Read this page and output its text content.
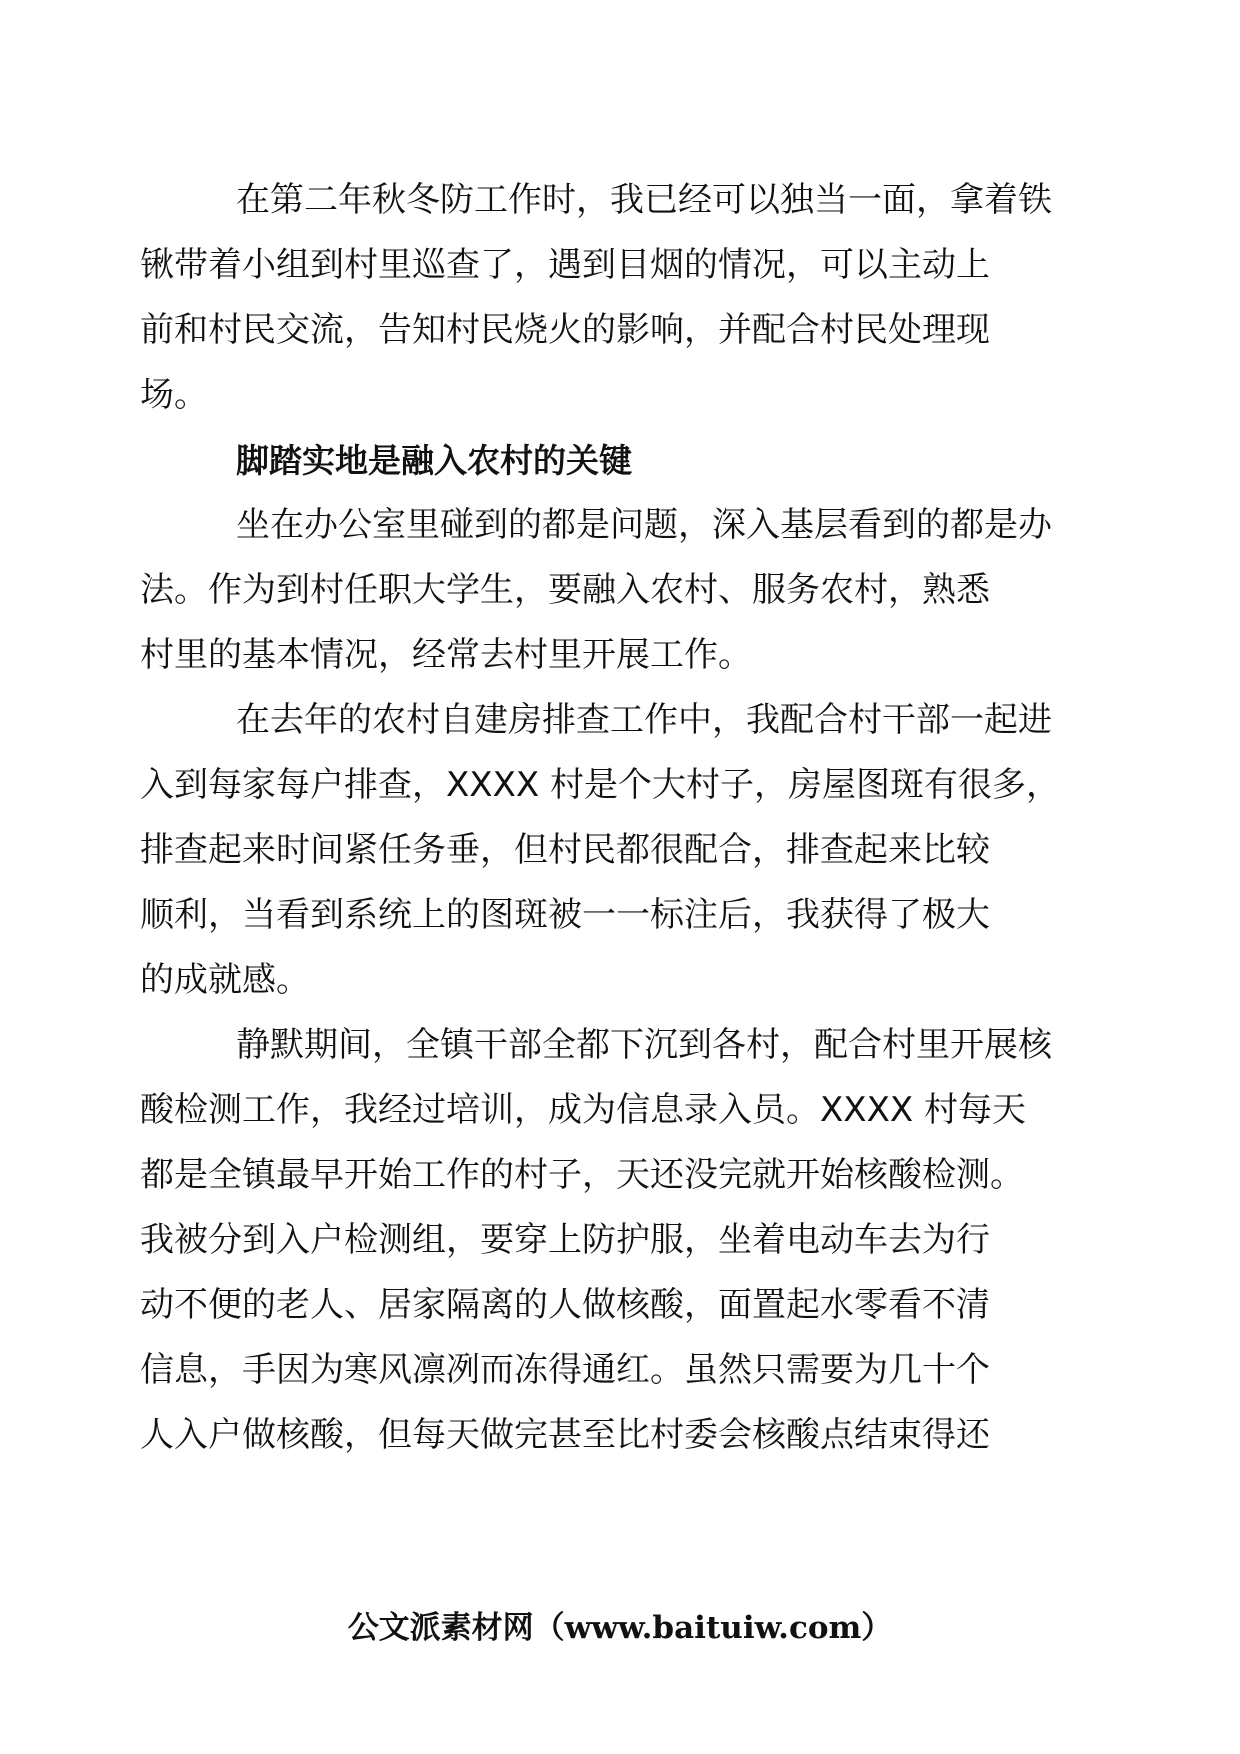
在第二年秋冬防工作时，我已经可以独当一面，拿着铁
锹带着小组到村里巡查了，遇到目烟的情况，可以主动上
前和村民交流，告知村民烧火的影响，并配合村民处理现
场。

脚踏实地是融入农村的关键

坐在办公室里碰到的都是问题，深入基层看到的都是办
法。作为到村任职大学生，要融入农村、服务农村，熟悉
村里的基本情况，经常去村里开展工作。

在去年的农村自建房排查工作中，我配合村干部一起进
入到每家每户排查，XXXX 村是个大村子，房屋图斑有很多，
排查起来时间紧任务垂，但村民都很配合，排查起来比较
顺利，当看到系统上的图斑被一一标注后，我获得了极大
的成就感。

静默期间，全镇干部全都下沉到各村，配合村里开展核
酸检测工作，我经过培训，成为信息录入员。XXXX 村每天
都是全镇最早开始工作的村子，天还没完就开始核酸检测。
我被分到入户检测组，要穿上防护服，坐着电动车去为行
动不便的老人、居家隔离的人做核酸，面置起水零看不清
信息，手因为寒风凛冽而冻得通红。虽然只需要为几十个
人入户做核酸，但每天做完甚至比村委会核酸点结束得还

公文派素材网（www.baituiw.com）
